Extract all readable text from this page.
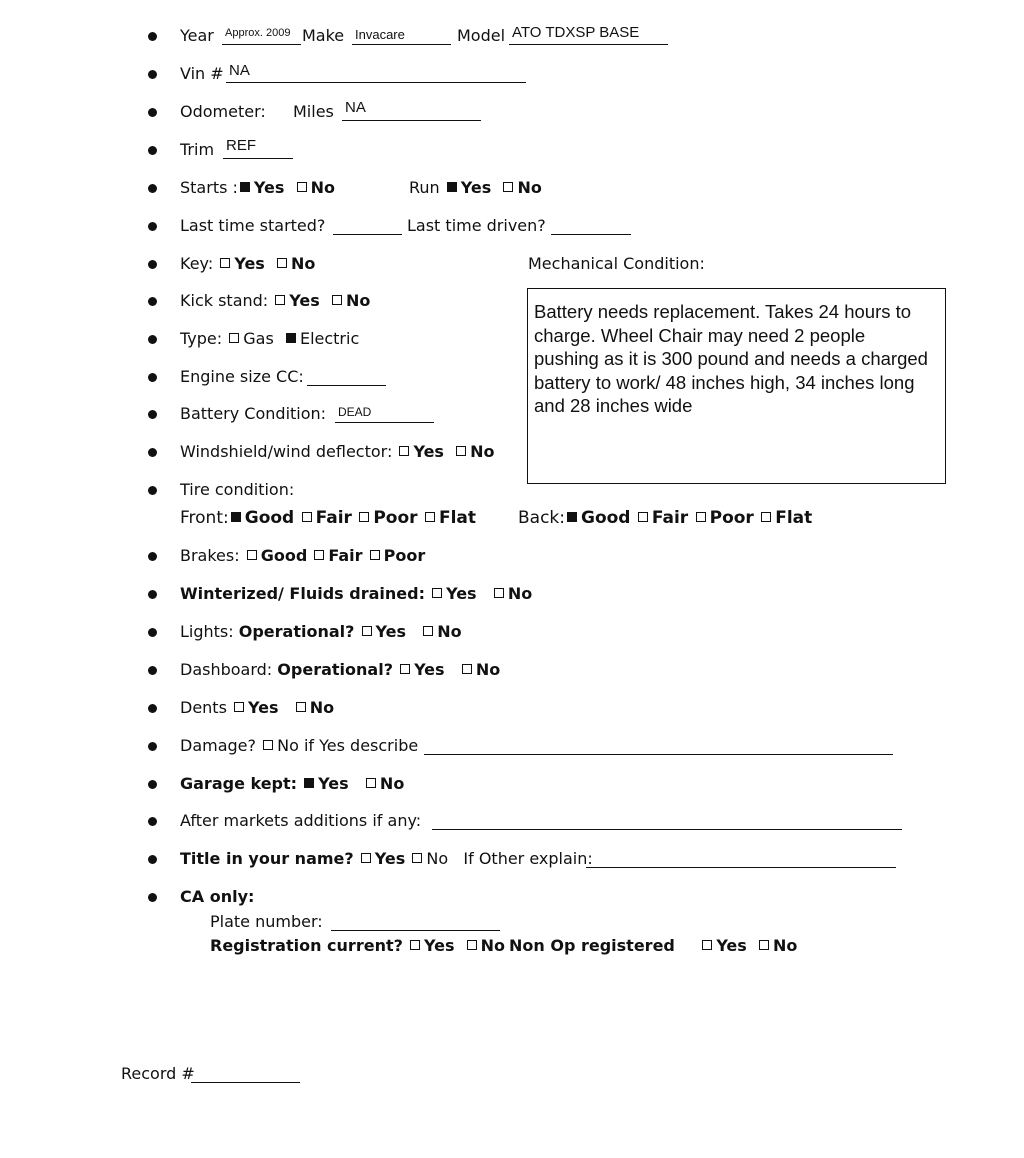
Year Approx. 2009 Make Invacare	Model ATO TDXSP BASE
Vin # NA
Odometer: Miles NA
Trim REF
Starts : Yes No	Run Yes No
Last time started?	Last time driven?
Key: Yes No	Mechanical Condition:

Battery needs replacement. Takes 24 hours to charge. Wheel Chair may need 2 people pushing as it is 300 pound and needs a charged battery to work/ 48 inches high, 34 inches long and 28 inches wide

Kick stand: Yes No
Type: Gas Electric
Engine size CC:
Battery Condition: DEAD
Windshield/wind deflector: Yes No
Tire condition:
Front: Good Fair Poor Flat Back: Good Fair Poor Flat
Brakes: Good Fair Poor
Winterized/ Fluids drained: Yes No
Lights: Operational? Yes No
Dashboard: Operational? Yes No
Dents Yes No
Damage? No if Yes describe
Garage kept: Yes No
After markets additions if any:
Title in your name? Yes No If Other explain:
CA only:
Plate number:
Registration current? Yes No Non Op registered	Yes No
Record #
